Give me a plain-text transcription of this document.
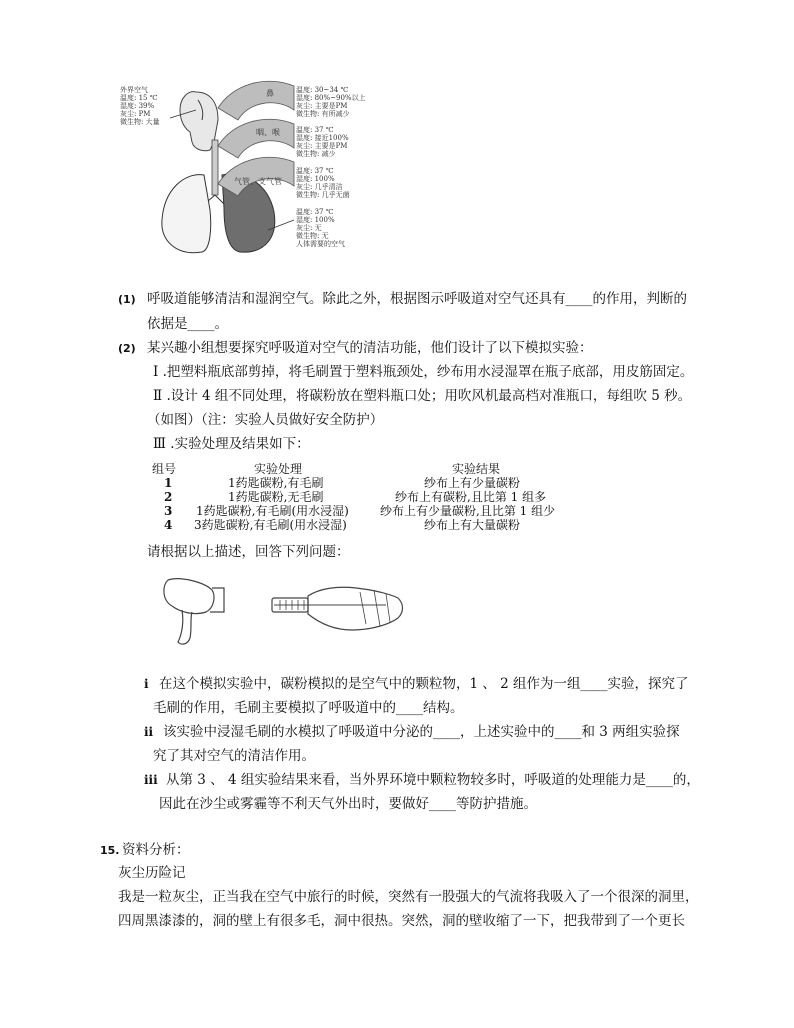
鼻
咽、喉
气管、支气管
外界空气
温度: 15 ℃
湿度: 39%
灰尘: PM
微生物: 大量
温度: 30~34 ℃
湿度: 80%~90%以上
灰尘: 主要是PM
微生物: 有所减少
温度: 37 ℃
湿度: 接近100%
灰尘: 主要是PM
微生物: 减少
温度: 37 ℃
湿度: 100%
灰尘: 几乎清洁
微生物: 几乎无菌
温度: 37 ℃
湿度: 100%
灰尘: 无
微生物: 无
人体需要的空气
(1) 呼吸道能够清洁和湿润空气。除此之外，根据图示呼吸道对空气还具有____的作用，判断的
依据是____。
(2) 某兴趣小组想要探究呼吸道对空气的清洁功能，他们设计了以下模拟实验：
Ⅰ .把塑料瓶底部剪掉，将毛刷置于塑料瓶颈处，纱布用水浸湿罩在瓶子底部，用皮筋固定。
Ⅱ .设计 4 组不同处理，将碳粉放在塑料瓶口处；用吹风机最高档对准瓶口，每组吹 5 秒。
（如图）（注：实验人员做好安全防护）
Ⅲ .实验处理及结果如下：
组号	实验处理	实验结果
1	1药匙碳粉,有毛刷	纱布上有少量碳粉
2	1药匙碳粉,无毛刷	纱布上有碳粉,且比第 1 组多
3 1药匙碳粉,有毛刷(用水浸湿)	纱布上有少量碳粉,且比第 1 组少
4 3药匙碳粉,有毛刷(用水浸湿)	纱布上有大量碳粉
请根据以上描述，回答下列问题：
i 在这个模拟实验中，碳粉模拟的是空气中的颗粒物，1 、 2 组作为一组____实验，探究了
毛刷的作用，毛刷主要模拟了呼吸道中的____结构。
ii 该实验中浸湿毛刷的水模拟了呼吸道中分泌的____，上述实验中的____和 3 两组实验探
究了其对空气的清洁作用。
iii 从第 3 、 4 组实验结果来看，当外界环境中颗粒物较多时，呼吸道的处理能力是____的，
因此在沙尘或雾霾等不利天气外出时，要做好____等防护措施。
15. 资料分析：
灰尘历险记
我是一粒灰尘，正当我在空气中旅行的时候，突然有一股强大的气流将我吸入了一个很深的洞里，
四周黑漆漆的，洞的壁上有很多毛，洞中很热。突然，洞的壁收缩了一下，把我带到了一个更长
